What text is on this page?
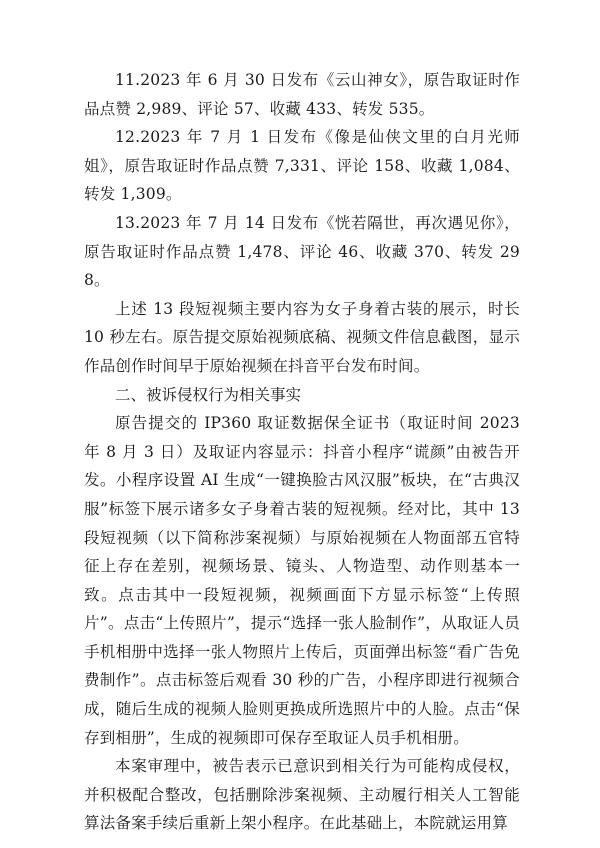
11.2023 年 6 月 30 日发布《云山神女》，原告取证时作品点赞 2,989、评论 57、收藏 433、转发 535。

12.2023 年 7 月 1 日发布《像是仙侠文里的白月光师姐》，原告取证时作品点赞 7,331、评论 158、收藏 1,084、转发 1,309。

13.2023 年 7 月 14 日发布《恍若隔世，再次遇见你》，原告取证时作品点赞 1,478、评论 46、收藏 370、转发 298。

上述 13 段短视频主要内容为女子身着古装的展示，时长 10 秒左右。原告提交原始视频底稿、视频文件信息截图，显示作品创作时间早于原始视频在抖音平台发布时间。

二、被诉侵权行为相关事实

原告提交的 IP360 取证数据保全证书（取证时间 2023 年 8 月 3 日）及取证内容显示：抖音小程序“谎颜”由被告开发。小程序设置 AI 生成“一键换脸古风汉服”板块，在“古典汉服”标签下展示诸多女子身着古装的短视频。经对比，其中 13 段短视频（以下简称涉案视频）与原始视频在人物面部五官特征上存在差别，视频场景、镜头、人物造型、动作则基本一致。点击其中一段短视频，视频画面下方显示标签“上传照片”。点击“上传照片”，提示“选择一张人脸制作”，从取证人员手机相册中选择一张人物照片上传后，页面弹出标签“看广告免费制作”。点击标签后观看 30 秒的广告，小程序即进行视频合成，随后生成的视频人脸则更换成所选照片中的人脸。点击“保存到相册”，生成的视频即可保存至取证人员手机相册。

本案审理中，被告表示已意识到相关行为可能构成侵权，并积极配合整改，包括删除涉案视频、主动履行相关人工智能算法备案手续后重新上架小程序。在此基础上，本院就运用算
